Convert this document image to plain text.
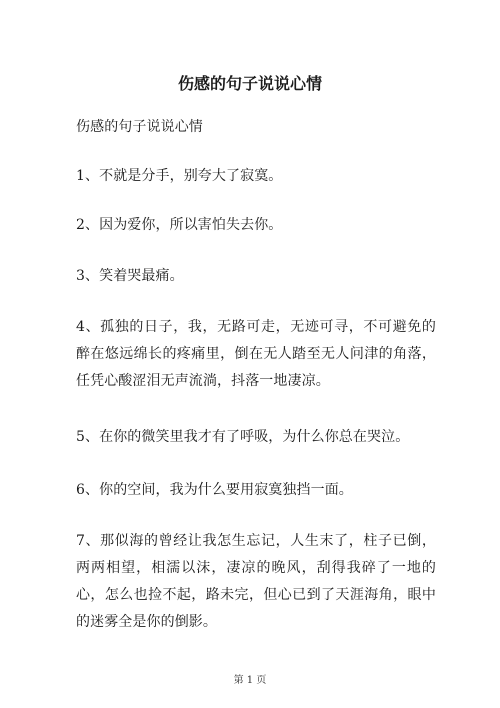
伤感的句子说说心情

伤感的句子说说心情

1、不就是分手，别夸大了寂寞。

2、因为爱你，所以害怕失去你。

3、笑着哭最痛。

4、孤独的日子，我，无路可走，无迹可寻，不可避免的醉在悠远绵长的疼痛里，倒在无人踏至无人问津的角落，任凭心酸涩泪无声流淌，抖落一地凄凉。

5、在你的微笑里我才有了呼吸，为什么你总在哭泣。

6、你的空间，我为什么要用寂寞独挡一面。

7、那似海的曾经让我怎生忘记，人生末了，柱子已倒，两两相望，相濡以沫，凄凉的晚风，刮得我碎了一地的心，怎么也捡不起，路未完，但心已到了天涯海角，眼中的迷雾全是你的倒影。

第 1 页
